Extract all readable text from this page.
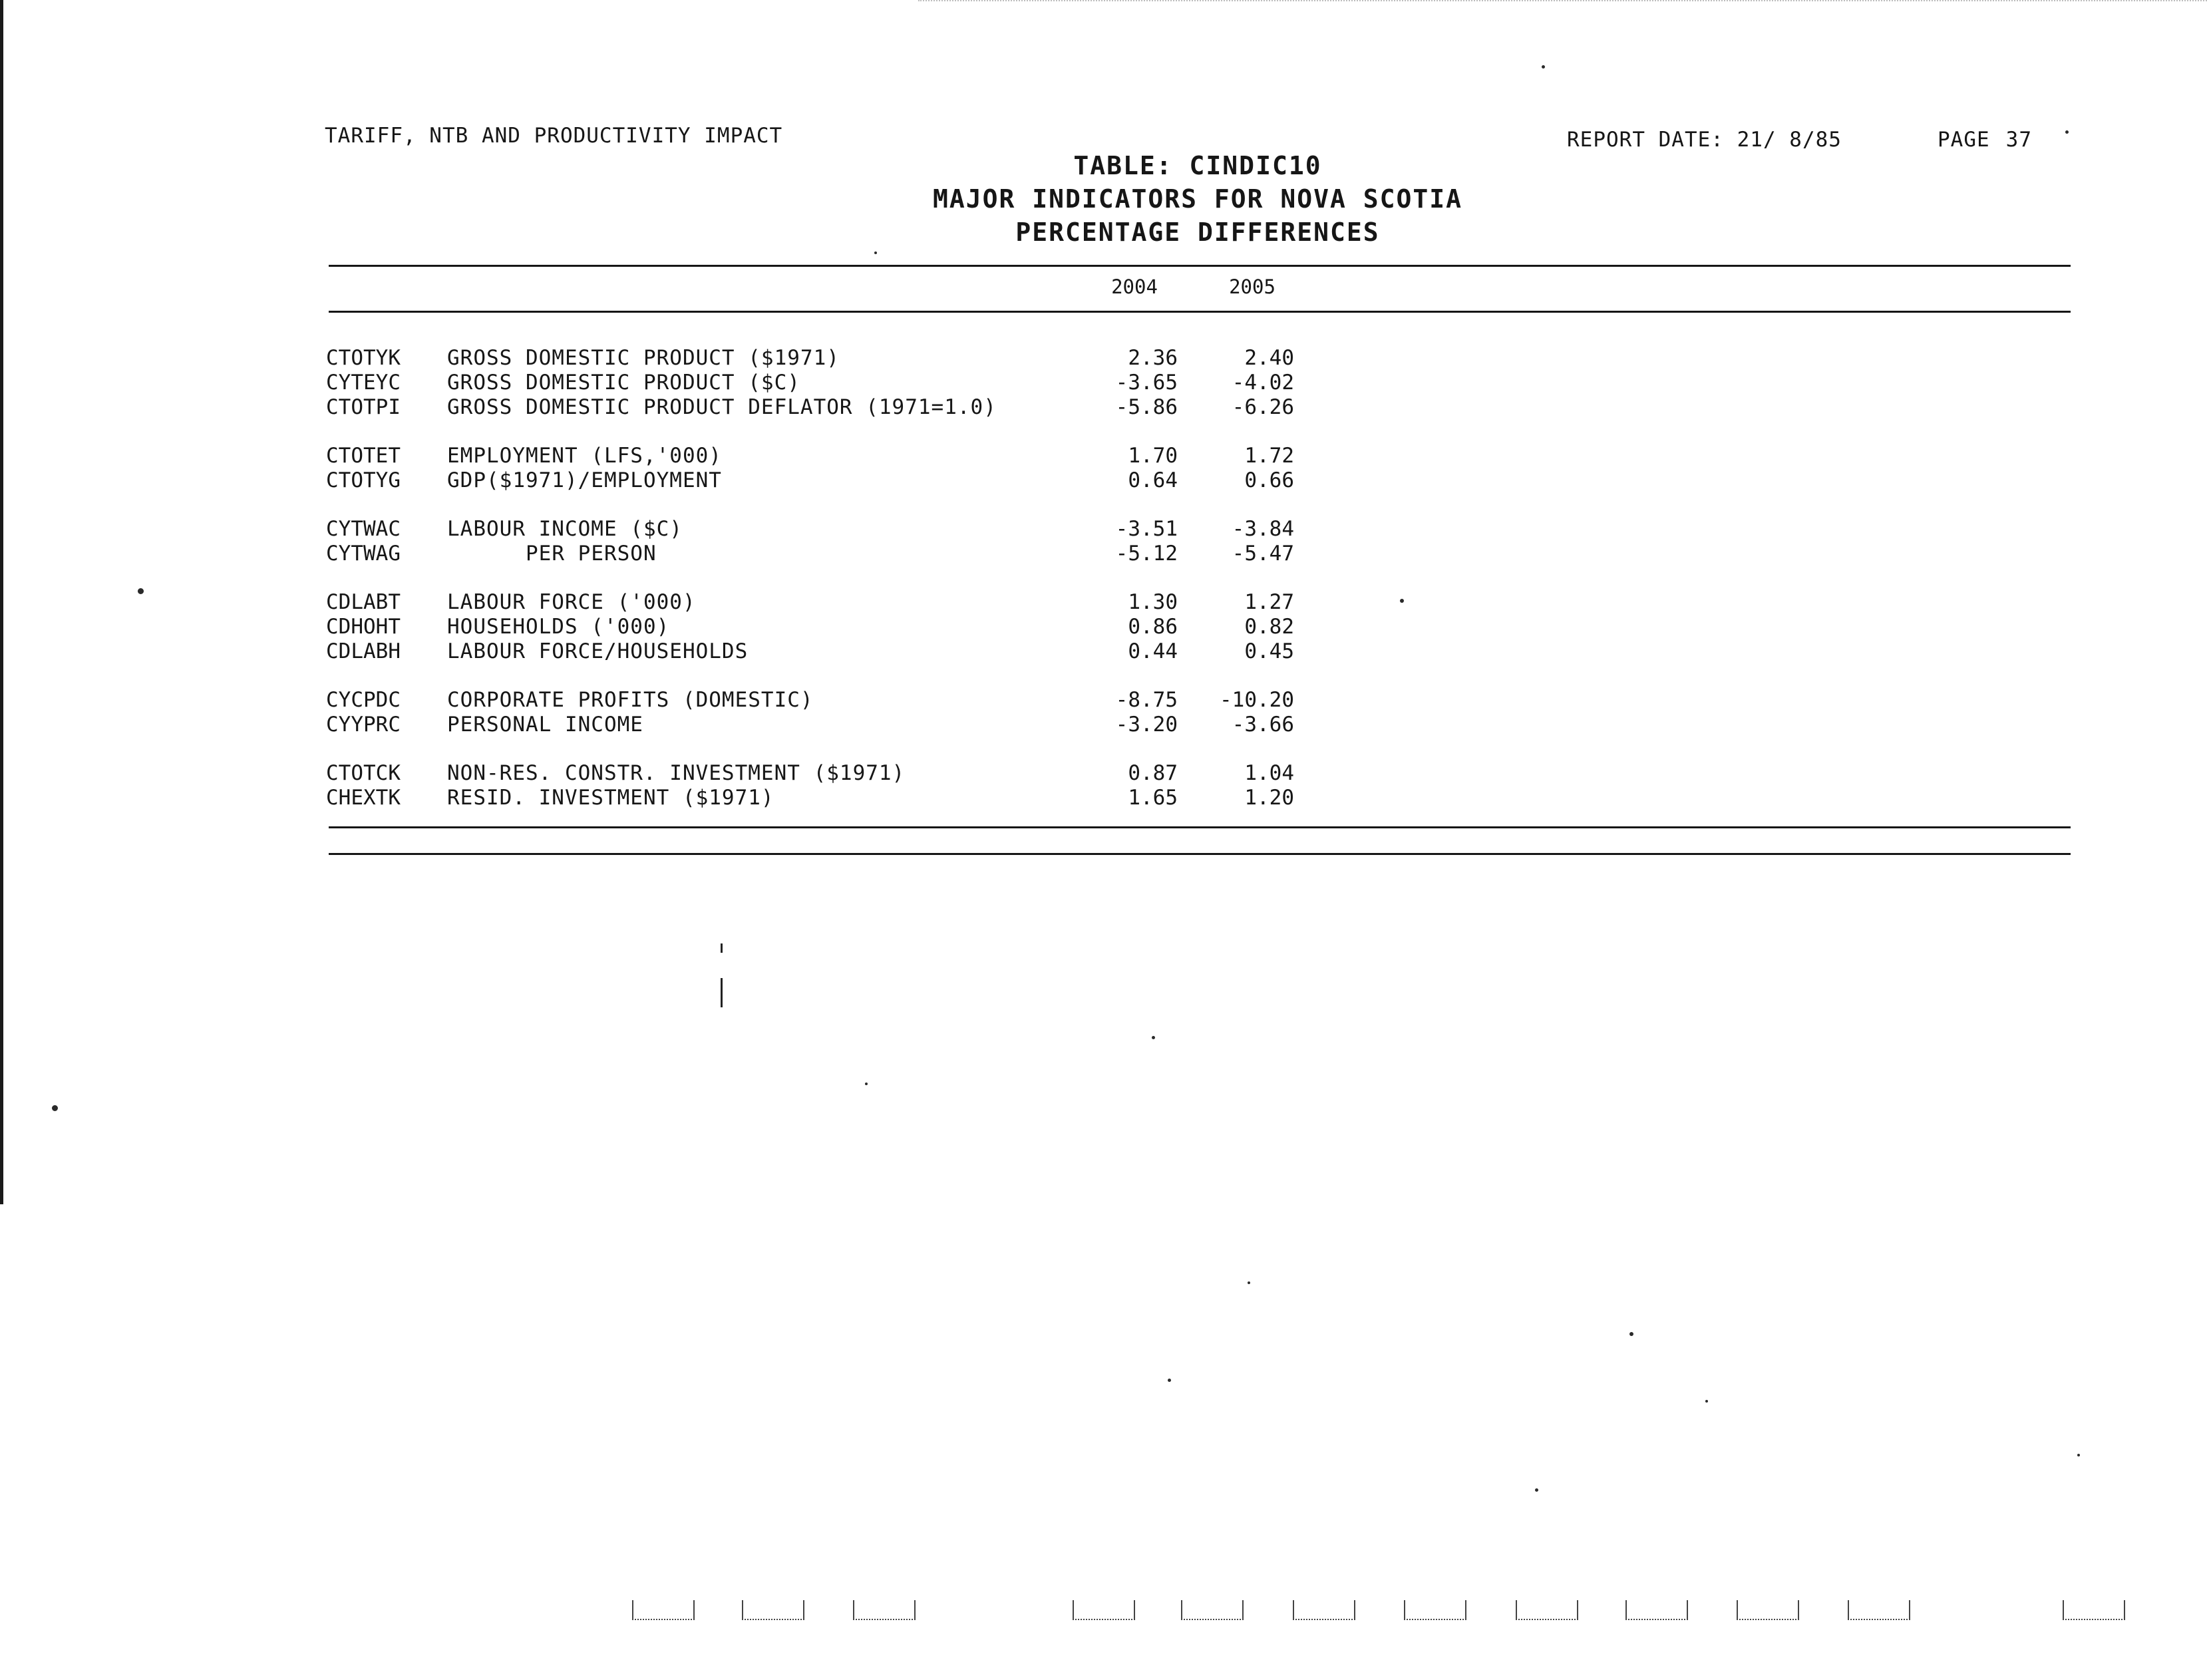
TARIFF, NTB AND PRODUCTIVITY IMPACT	REPORT DATE: 21/ 8/85	PAGE 37
TABLE: CINDIC10
MAJOR INDICATORS FOR NOVA SCOTIA
PERCENTAGE DIFFERENCES
2004	2005
CTOTYK GROSS DOMESTIC PRODUCT ($1971)	2.36	2.40
CYTEYC GROSS DOMESTIC PRODUCT ($C)	-3.65	-4.02
CTOTPI GROSS DOMESTIC PRODUCT DEFLATOR (1971=1.0)	-5.86	-6.26
CTOTET EMPLOYMENT (LFS,'000)	1.70	1.72
CTOTYG GDP($1971)/EMPLOYMENT	0.64	0.66
CYTWAC LABOUR INCOME ($C)	-3.51	-3.84
CYTWAG	PER PERSON	-5.12	-5.47
CDLABT LABOUR FORCE ('000)	1.30	1.27
CDHOHT HOUSEHOLDS ('000)	0.86	0.82
CDLABH LABOUR FORCE/HOUSEHOLDS	0.44	0.45
CYCPDC CORPORATE PROFITS (DOMESTIC)	-8.75	-10.20
CYYPRC PERSONAL INCOME	-3.20	-3.66
CTOTCK NON-RES. CONSTR. INVESTMENT ($1971)	0.87	1.04
CHEXTK RESID. INVESTMENT ($1971)	1.65	1.20
